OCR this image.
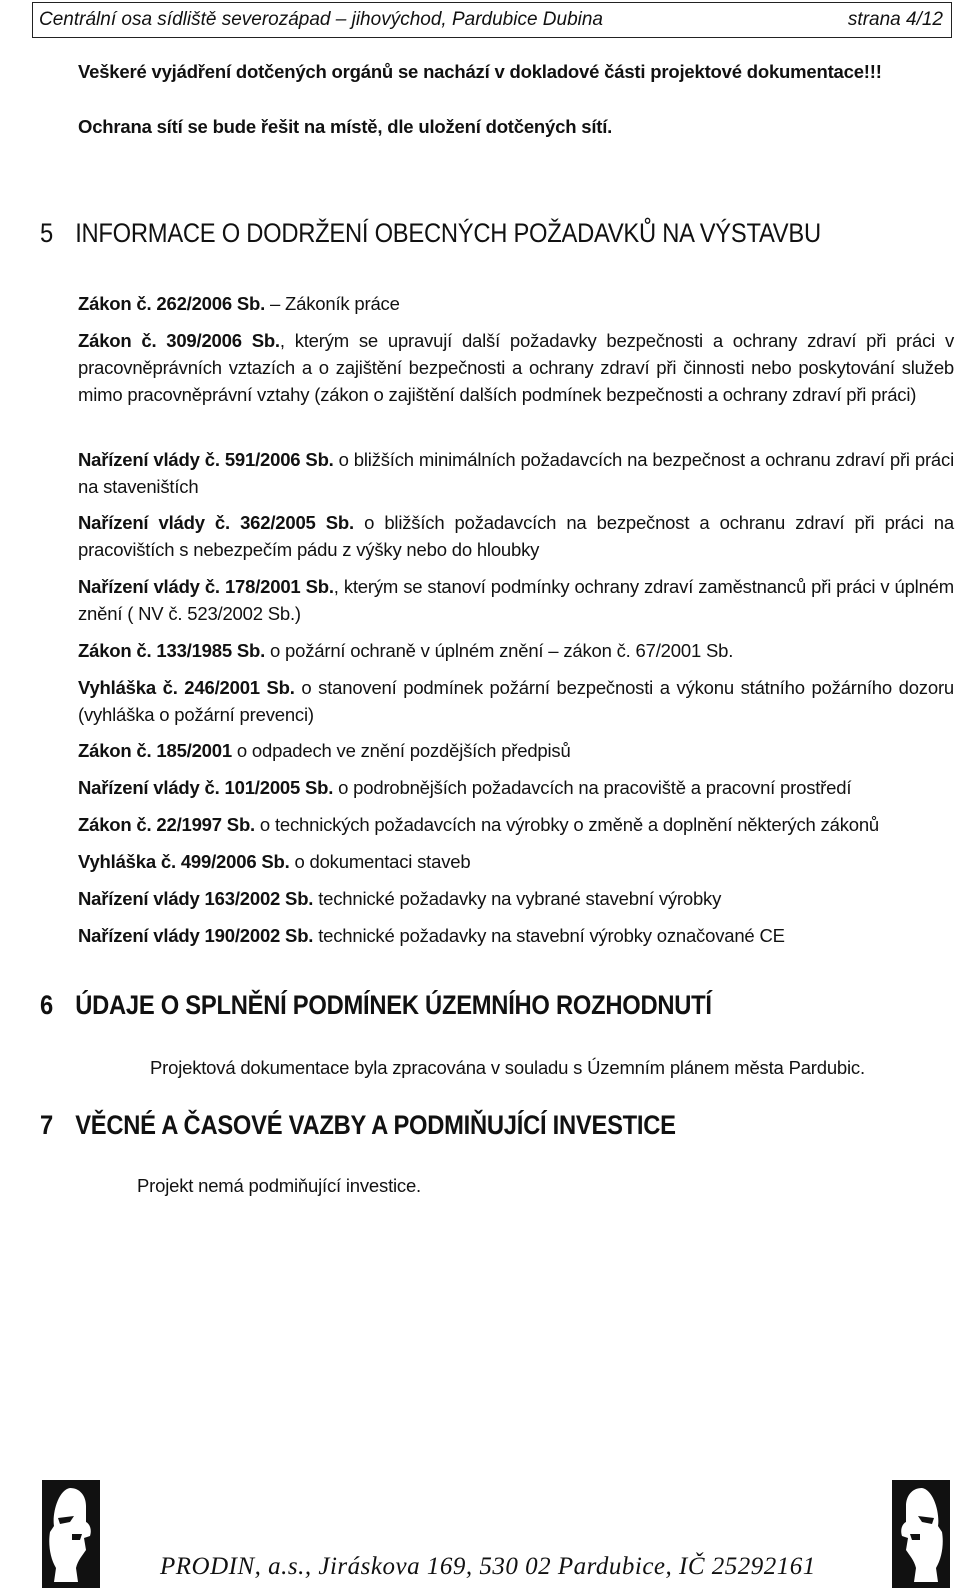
Centrální osa sídliště severozápad – jihovýchod, Pardubice Dubina	strana 4/12
Veškeré vyjádření dotčených orgánů se nachází v dokladové části projektové dokumentace!!!
Ochrana sítí se bude řešit na místě, dle uložení dotčených sítí.
5 INFORMACE O DODRŽENÍ OBECNÝCH POŽADAVKŮ NA VÝSTAVBU
Zákon č. 262/2006 Sb. – Zákoník práce
Zákon č. 309/2006 Sb., kterým se upravují další požadavky bezpečnosti a ochrany zdraví při práci v pracovněprávních vztazích a o zajištění bezpečnosti a ochrany zdraví při činnosti nebo poskytování služeb mimo pracovněprávní vztahy (zákon o zajištění dalších podmínek bezpečnosti a ochrany zdraví při práci)
Nařízení vlády č. 591/2006 Sb. o bližších minimálních požadavcích na bezpečnost a ochranu zdraví při práci na staveništích
Nařízení vlády č. 362/2005 Sb. o bližších požadavcích na bezpečnost a ochranu zdraví při práci na pracovištích s nebezpečím pádu z výšky nebo do hloubky
Nařízení vlády č. 178/2001 Sb., kterým se stanoví podmínky ochrany zdraví zaměstnanců při práci v úplném znění ( NV č. 523/2002 Sb.)
Zákon č. 133/1985 Sb. o požární ochraně v úplném znění – zákon č. 67/2001 Sb.
Vyhláška č. 246/2001 Sb. o stanovení podmínek požární bezpečnosti a výkonu státního požárního dozoru (vyhláška o požární prevenci)
Zákon č. 185/2001 o odpadech ve znění pozdějších předpisů
Nařízení vlády č. 101/2005 Sb. o podrobnějších požadavcích na pracoviště a pracovní prostředí
Zákon č. 22/1997 Sb. o technických požadavcích na výrobky o změně a doplnění některých zákonů
Vyhláška č. 499/2006 Sb. o dokumentaci staveb
Nařízení vlády 163/2002 Sb. technické požadavky na vybrané stavební výrobky
Nařízení vlády 190/2002 Sb. technické požadavky na stavební výrobky označované CE
6 ÚDAJE O SPLNĚNÍ PODMÍNEK ÚZEMNÍHO ROZHODNUTÍ
Projektová dokumentace byla zpracována v souladu s Územním plánem města Pardubic.
7 VĚCNÉ A ČASOVÉ VAZBY A PODMIŇUJÍCÍ INVESTICE
Projekt nemá podmiňující investice.
PRODIN, a.s., Jiráskova 169, 530 02 Pardubice, IČ 25292161
